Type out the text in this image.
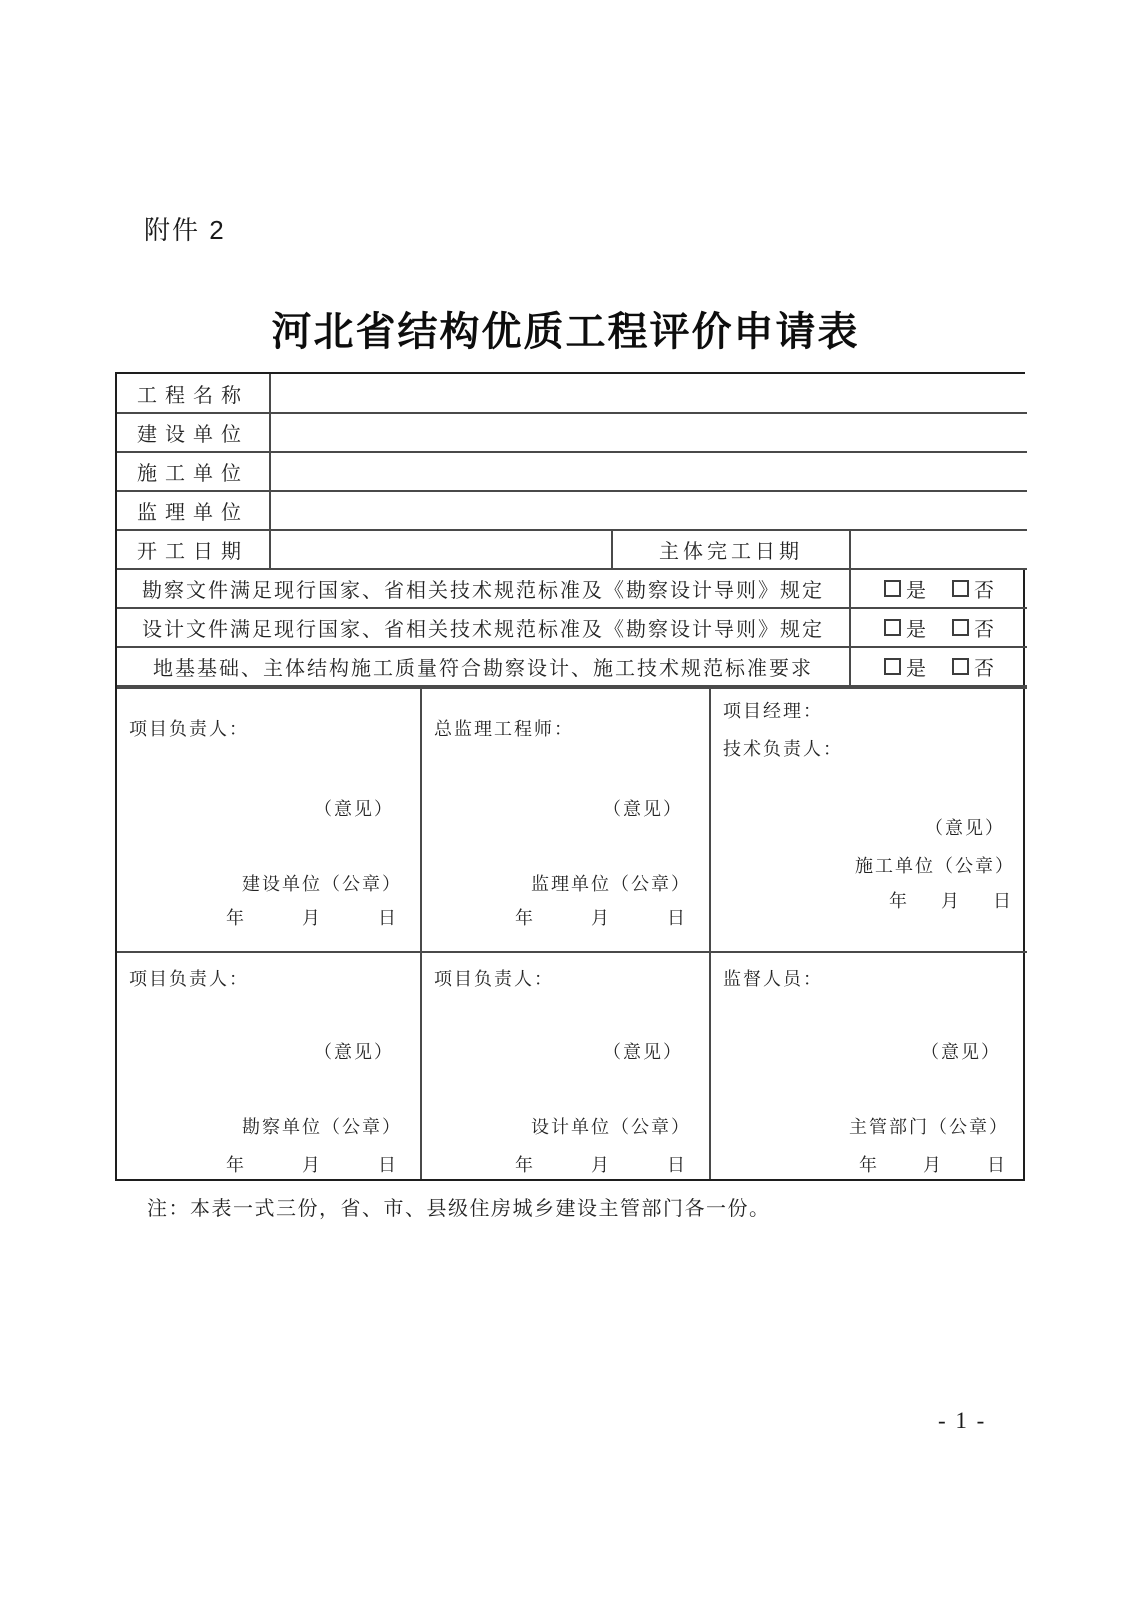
附件 2
河北省结构优质工程评价申请表
工程名称			
建设单位			
施工单位			
监理单位			
开工日期		主体完工日期	
勘察文件满足现行国家、省相关技术规范标准及《勘察设计导则》规定			是 否

设计文件满足现行国家、省相关技术规范标准及《勘察设计导则》规定			是 否

地基基础、主体结构施工质量符合勘察设计、施工技术规范标准要求			是 否
项目负责人：
（意见）
建设单位（公章）
年	月	日

总监理工程师：
（意见）
监理单位（公章）
年	月	日

项目经理：
技术负责人：
（意见）
施工单位（公章）
年 月 日

项目负责人：
（意见）
勘察单位（公章）
年	月	日

项目负责人：
（意见）
设计单位（公章）
年	月	日

监督人员：
（意见）
主管部门（公章）
年 月 日
注：本表一式三份，省、市、县级住房城乡建设主管部门各一份。
- 1 -
